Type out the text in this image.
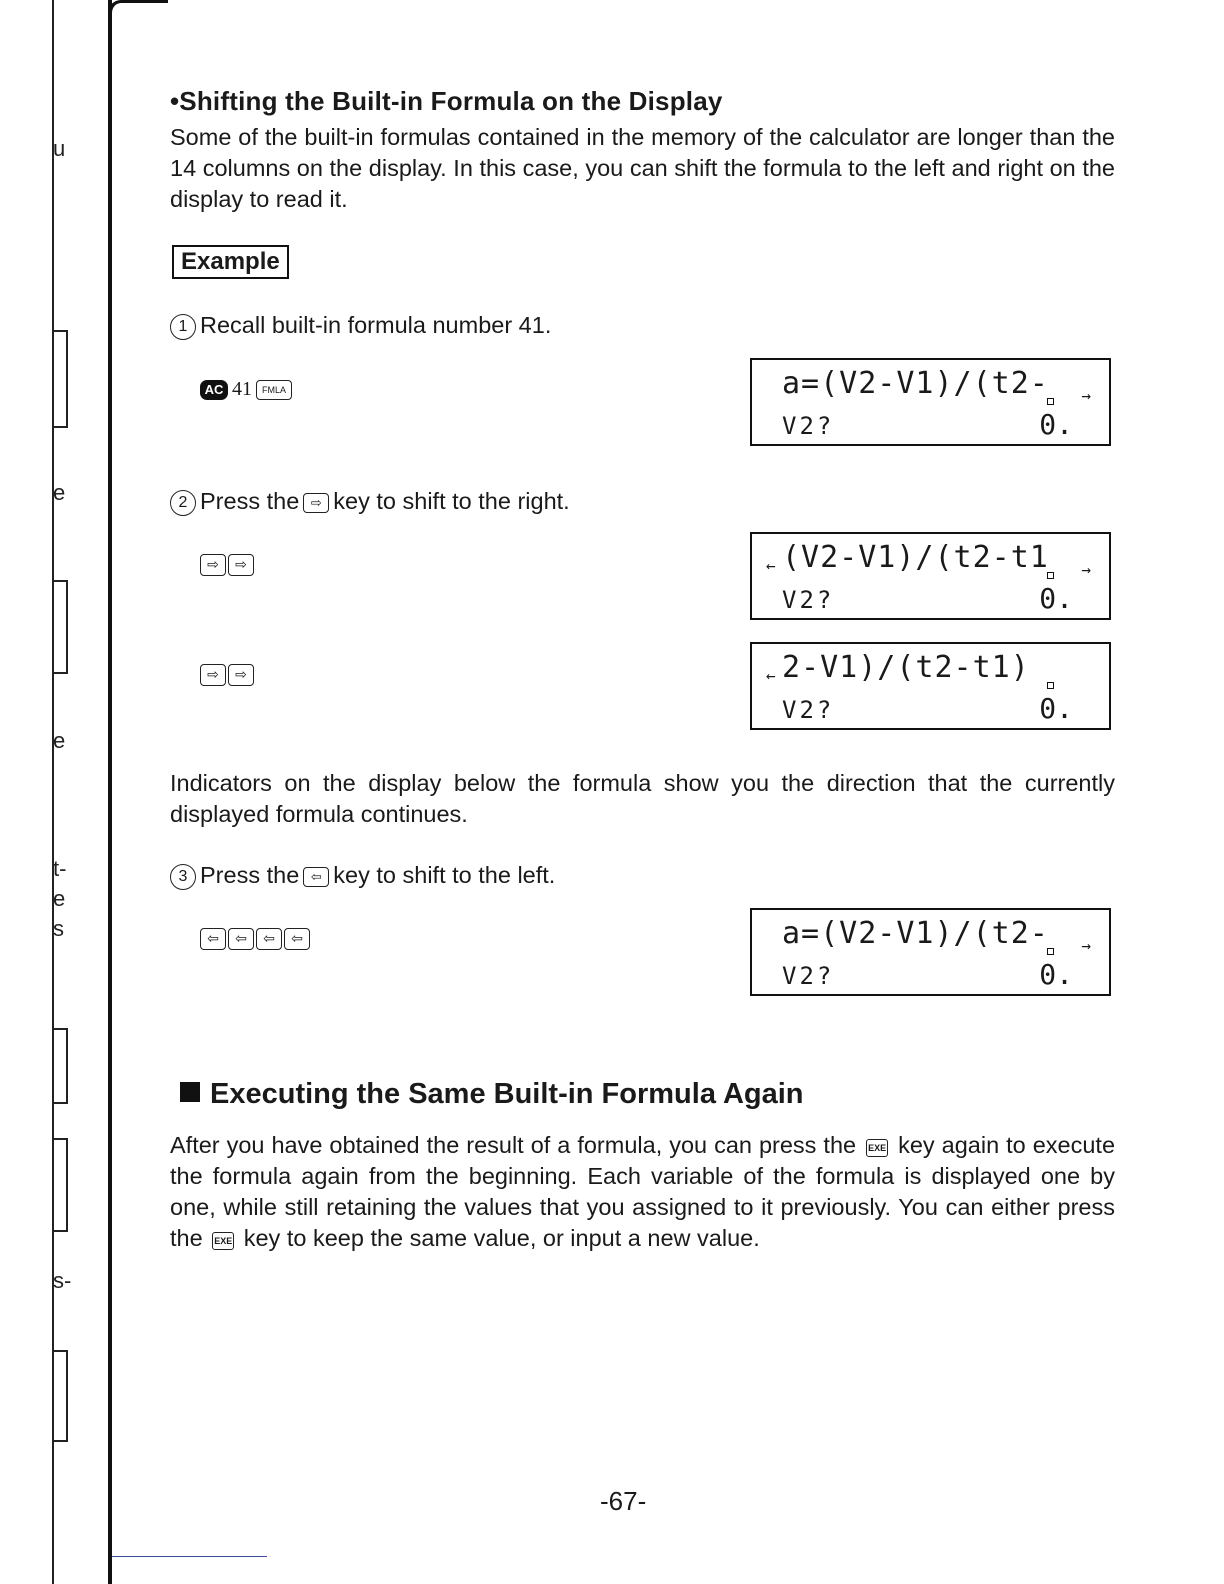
u
e
e
t-
e
s
s-
•Shifting the Built-in Formula on the Display

Some of the built-in formulas contained in the memory of the calculator are longer than the 14 columns on the display. In this case, you can shift the formula to the left and right on the display to read it.

Example

1 Recall built-in formula number 41.

AC 41	FMLA	a=(V2-V1)/(t2- →
V2?	0.

2 Press the ⇨ key to shift to the right.

⇨	⇨	← (V2-V1)/(t2-t1 →
V2?	0.
⇨	⇨	← 2-V1)/(t2-t1)
V2?	0.

Indicators on the display below the formula show you the direction that the currently displayed formula continues.

3 Press the ⇦ key to shift to the left.

⇦	⇦	⇦	⇦	a=(V2-V1)/(t2- →
V2?	0.
Executing the Same Built-in Formula Again

After you have obtained the result of a formula, you can press the EXE key again to execute the formula again from the beginning. Each variable of the formula is displayed one by one, while still retaining the values that you assigned to it previously. You can either press the EXE key to keep the same value, or input a new value.

-67-
